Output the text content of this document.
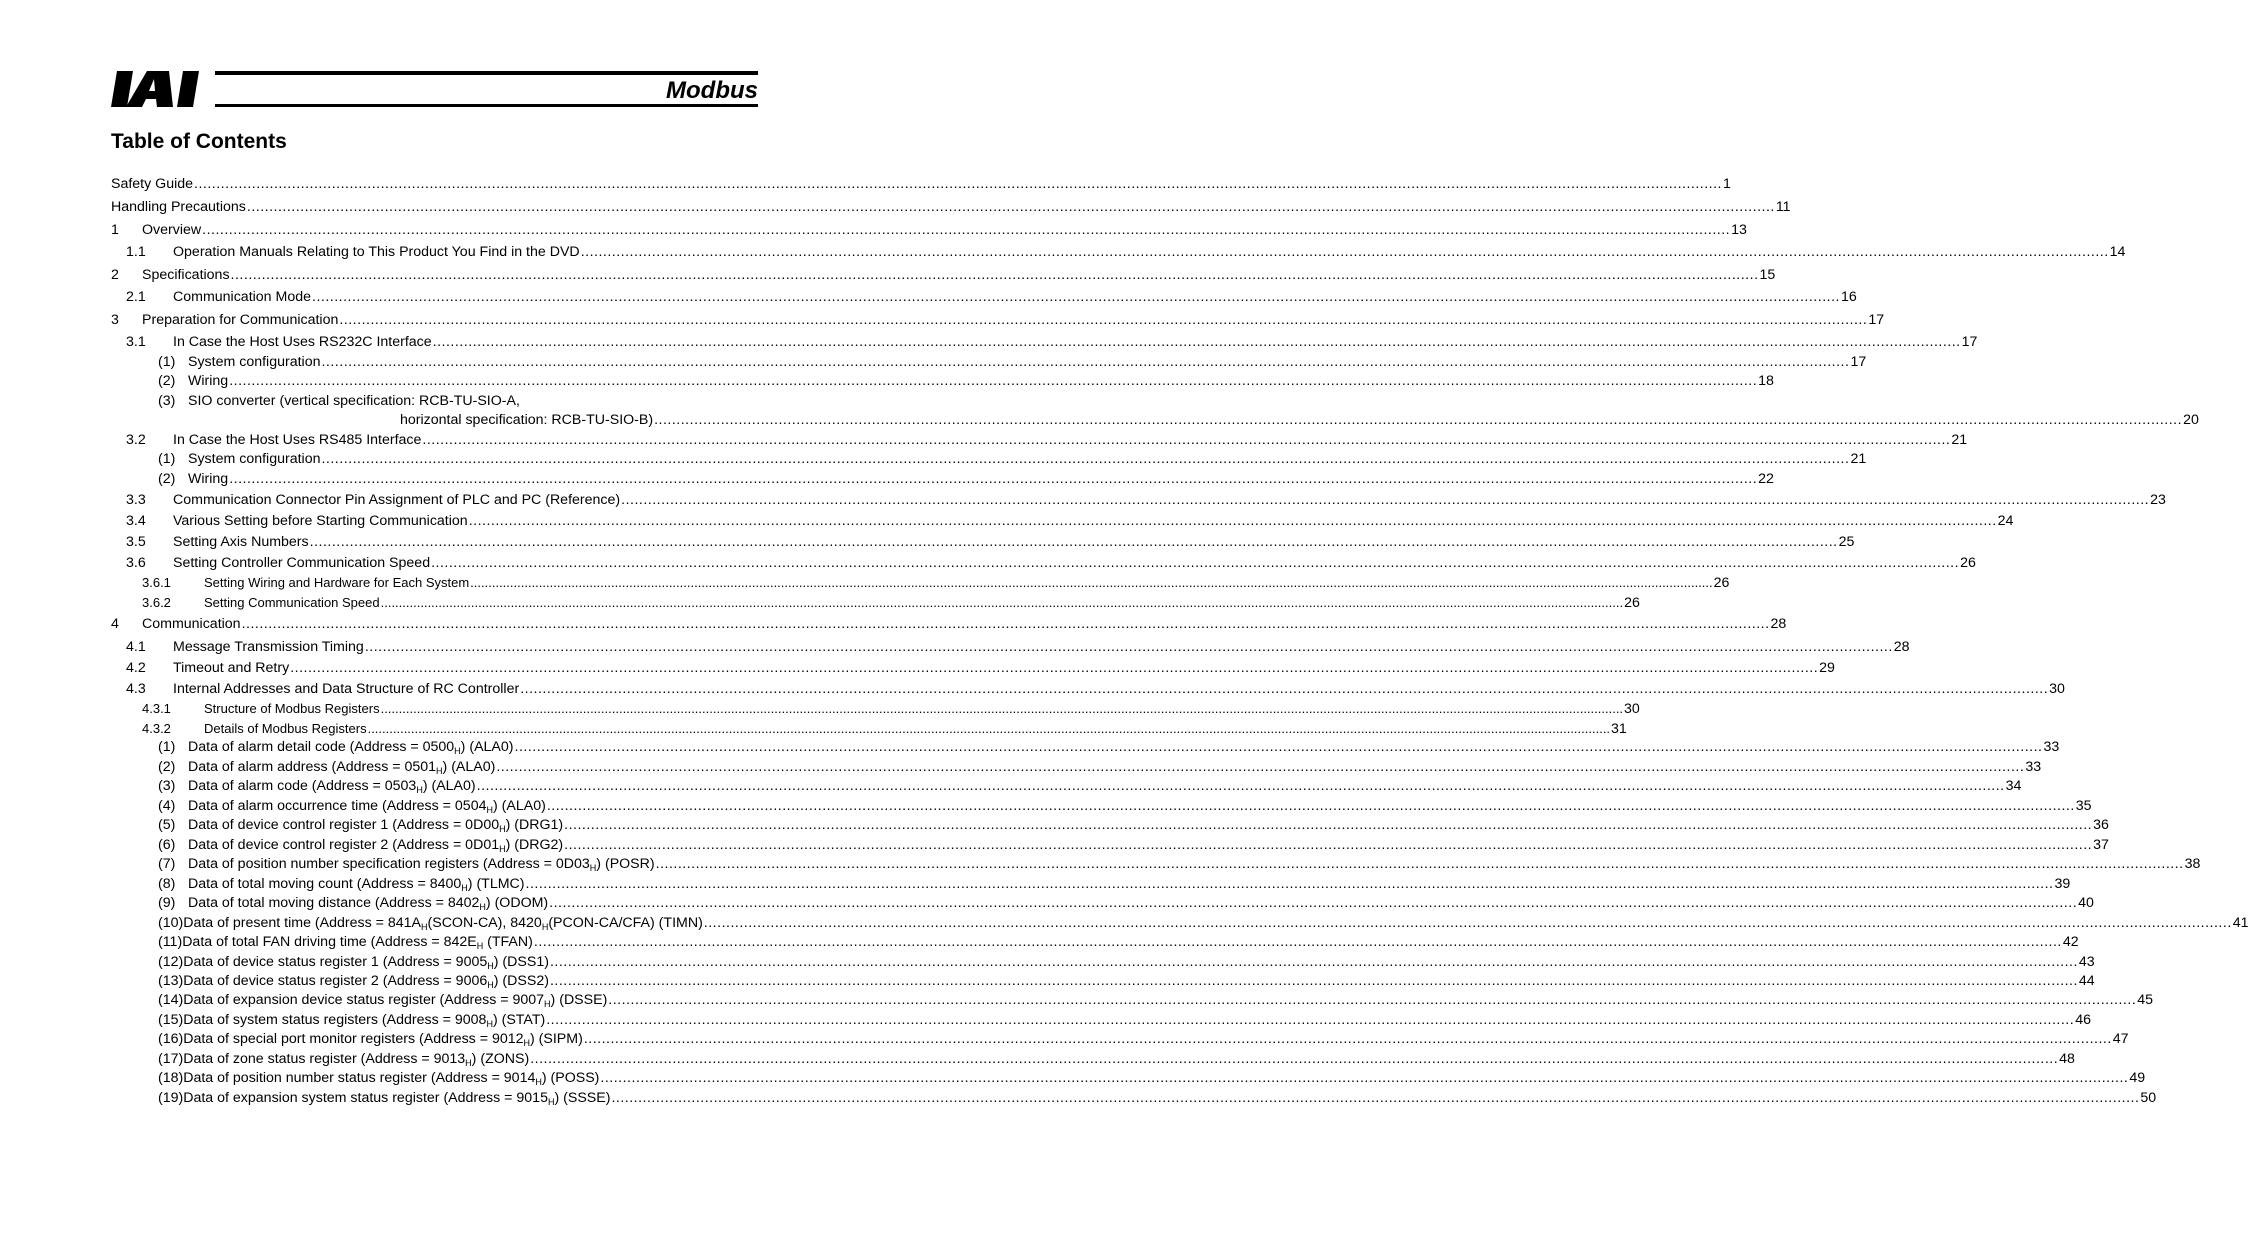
Modbus
Table of Contents
Safety Guide .....	1
Handling Precautions .....	11
1	Overview .....	13
1.1	Operation Manuals Relating to This Product You Find in the DVD .....	14
2	Specifications .....	15
2.1	Communication Mode .....	16
3	Preparation for Communication .....	17
3.1	In Case the Host Uses RS232C Interface .....	17
(1) System configuration .....	17
(2) Wiring .....	18
(3) SIO converter (vertical specification: RCB-TU-SIO-A,
horizontal specification: RCB-TU-SIO-B) .....	20
3.2	In Case the Host Uses RS485 Interface .....	21
(1) System configuration .....	21
(2) Wiring .....	22
3.3	Communication Connector Pin Assignment of PLC and PC (Reference) .....	23
3.4	Various Setting before Starting Communication .....	24
3.5	Setting Axis Numbers .....	25
3.6	Setting Controller Communication Speed .....	26
3.6.1	Setting Wiring and Hardware for Each System .....	26
3.6.2	Setting Communication Speed .....	26
4	Communication .....	28
4.1	Message Transmission Timing .....	28
4.2	Timeout and Retry .....	29
4.3	Internal Addresses and Data Structure of RC Controller .....	30
4.3.1	Structure of Modbus Registers .....	30
4.3.2	Details of Modbus Registers .....	31
(1) Data of alarm detail code (Address = $0500_H$) (ALA0) .....	33
(2) Data of alarm address (Address = $0501_H$) (ALA0) .....	33
(3) Data of alarm code (Address = $0503_H$) (ALA0) .....	34
(4) Data of alarm occurrence time (Address = $0504_H$) (ALA0) .....	35
(5) Data of device control register 1 (Address = $0D00_H$) (DRG1) .....	36
(6) Data of device control register 2 (Address = $0D01_H$) (DRG2) .....	37
(7) Data of position number specification registers (Address = $0D03_H$) (POSR) .....	38
(8) Data of total moving count (Address = $8400_H$) (TLMC) .....	39
(9) Data of total moving distance (Address = $8402_H$) (ODOM) .....	40
(10) Data of present time (Address = $841A_H(SCON-CA)$, $8420_H(PCON-CA/CFA)$ (TIMN) .....	41
(11) Data of total FAN driving time (Address = $842E_H$ (TFAN) .....	42
(12) Data of device status register 1 (Address = $9005_H$) (DSS1) .....	43
(13) Data of device status register 2 (Address = $9006_H$) (DSS2) .....	44
(14) Data of expansion device status register (Address = $9007_H$) (DSSE) .....	45
(15) Data of system status registers (Address = $9008_H$) (STAT) .....	46
(16) Data of special port monitor registers (Address = $9012_H$) (SIPM) .....	47
(17) Data of zone status register (Address = $9013_H$) (ZONS) .....	48
(18) Data of position number status register (Address = $9014_H$) (POSS) .....	49
(19) Data of expansion system status register (Address = $9015_H$) (SSSE) .....	50
